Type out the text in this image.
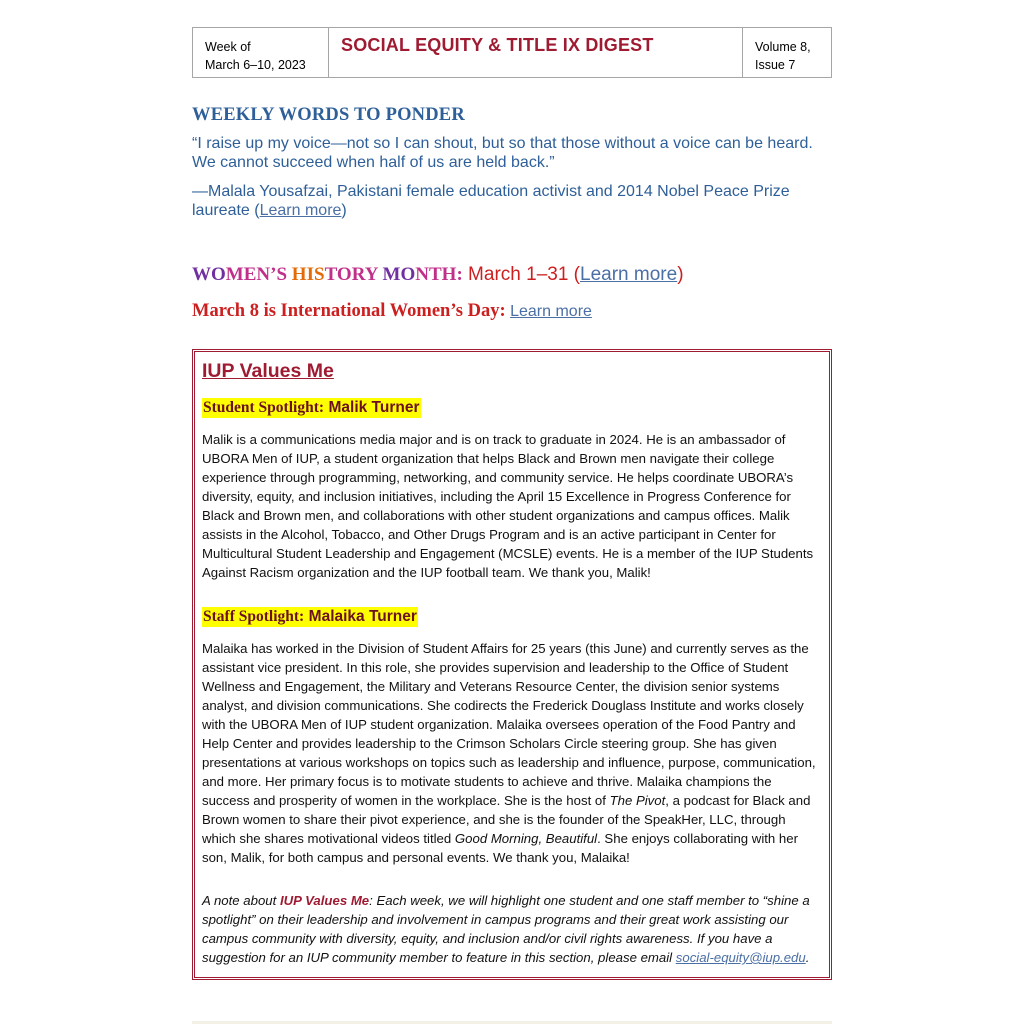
Week of
March 6–10, 2023
SOCIAL EQUITY & TITLE IX DIGEST	Volume 8,
Issue 7
WEEKLY WORDS TO PONDER
“I raise up my voice—not so I can shout, but so that those without a voice can be heard. We cannot succeed when half of us are held back.”
—Malala Yousafzai, Pakistani female education activist and 2014 Nobel Peace Prize laureate (Learn more)
WOMEN’S HISTORY MONTH: March 1–31 (Learn more)
March 8 is International Women’s Day: Learn more
IUP Values Me
Student Spotlight: Malik Turner
Malik is a communications media major and is on track to graduate in 2024. He is an ambassador of UBORA Men of IUP, a student organization that helps Black and Brown men navigate their college experience through programming, networking, and community service. He helps coordinate UBORA’s diversity, equity, and inclusion initiatives, including the April 15 Excellence in Progress Conference for Black and Brown men, and collaborations with other student organizations and campus offices. Malik assists in the Alcohol, Tobacco, and Other Drugs Program and is an active participant in Center for Multicultural Student Leadership and Engagement (MCSLE) events. He is a member of the IUP Students Against Racism organization and the IUP football team. We thank you, Malik!
Staff Spotlight: Malaika Turner
Malaika has worked in the Division of Student Affairs for 25 years (this June) and currently serves as the assistant vice president. In this role, she provides supervision and leadership to the Office of Student Wellness and Engagement, the Military and Veterans Resource Center, the division senior systems analyst, and division communications. She codirects the Frederick Douglass Institute and works closely with the UBORA Men of IUP student organization. Malaika oversees operation of the Food Pantry and Help Center and provides leadership to the Crimson Scholars Circle steering group. She has given presentations at various workshops on topics such as leadership and influence, purpose, communication, and more. Her primary focus is to motivate students to achieve and thrive. Malaika champions the success and prosperity of women in the workplace. She is the host of The Pivot, a podcast for Black and Brown women to share their pivot experience, and she is the founder of the SpeakHer, LLC, through which she shares motivational videos titled Good Morning, Beautiful. She enjoys collaborating with her son, Malik, for both campus and personal events. We thank you, Malaika!
A note about IUP Values Me: Each week, we will highlight one student and one staff member to “shine a spotlight” on their leadership and involvement in campus programs and their great work assisting our campus community with diversity, equity, and inclusion and/or civil rights awareness. If you have a suggestion for an IUP community member to feature in this section, please email social-equity@iup.edu.
